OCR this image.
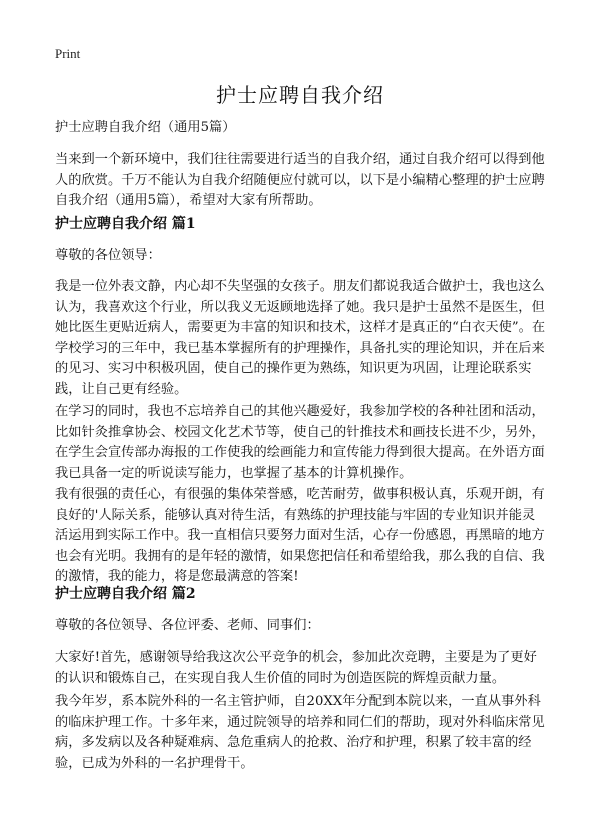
Print

护士应聘自我介绍

护士应聘自我介绍（通用5篇）

当来到一个新环境中，我们往往需要进行适当的自我介绍，通过自我介绍可以得到他人的欣赏。千万不能认为自我介绍随便应付就可以，以下是小编精心整理的护士应聘自我介绍（通用5篇），希望对大家有所帮助。

护士应聘自我介绍 篇1

尊敬的各位领导：

我是一位外表文静，内心却不失坚强的女孩子。朋友们都说我适合做护士，我也这么认为，我喜欢这个行业，所以我义无返顾地选择了她。我只是护士虽然不是医生，但她比医生更贴近病人，需要更为丰富的知识和技术，这样才是真正的“白衣天使”。在学校学习的三年中，我已基本掌握所有的护理操作，具备扎实的理论知识，并在后来的见习、实习中积极巩固，使自己的操作更为熟练，知识更为巩固，让理论联系实践，让自己更有经验。

在学习的同时，我也不忘培养自己的其他兴趣爱好，我参加学校的各种社团和活动，比如针灸推拿协会、校园文化艺术节等，使自己的针推技术和画技长进不少，另外，在学生会宣传部办海报的工作使我的绘画能力和宣传能力得到很大提高。在外语方面我已具备一定的听说读写能力，也掌握了基本的计算机操作。

我有很强的责任心，有很强的集体荣誉感，吃苦耐劳，做事积极认真，乐观开朗，有良好的'人际关系，能够认真对待生活，有熟练的护理技能与牢固的专业知识并能灵活运用到实际工作中。我一直相信只要努力面对生活，心存一份感恩，再黑暗的地方也会有光明。我拥有的是年轻的激情，如果您把信任和希望给我，那么我的自信、我的激情，我的能力，将是您最满意的答案!

护士应聘自我介绍 篇2

尊敬的各位领导、各位评委、老师、同事们：

大家好!首先，感谢领导给我这次公平竞争的机会，参加此次竞聘，主要是为了更好的认识和锻炼自己，在实现自我人生价值的同时为创造医院的辉煌贡献力量。

我今年岁，系本院外科的一名主管护师，自20XX年分配到本院以来，一直从事外科的临床护理工作。十多年来，通过院领导的培养和同仁们的帮助，现对外科临床常见病，多发病以及各种疑难病、急危重病人的抢救、治疗和护理，积累了较丰富的经验，已成为外科的一名护理骨干。
